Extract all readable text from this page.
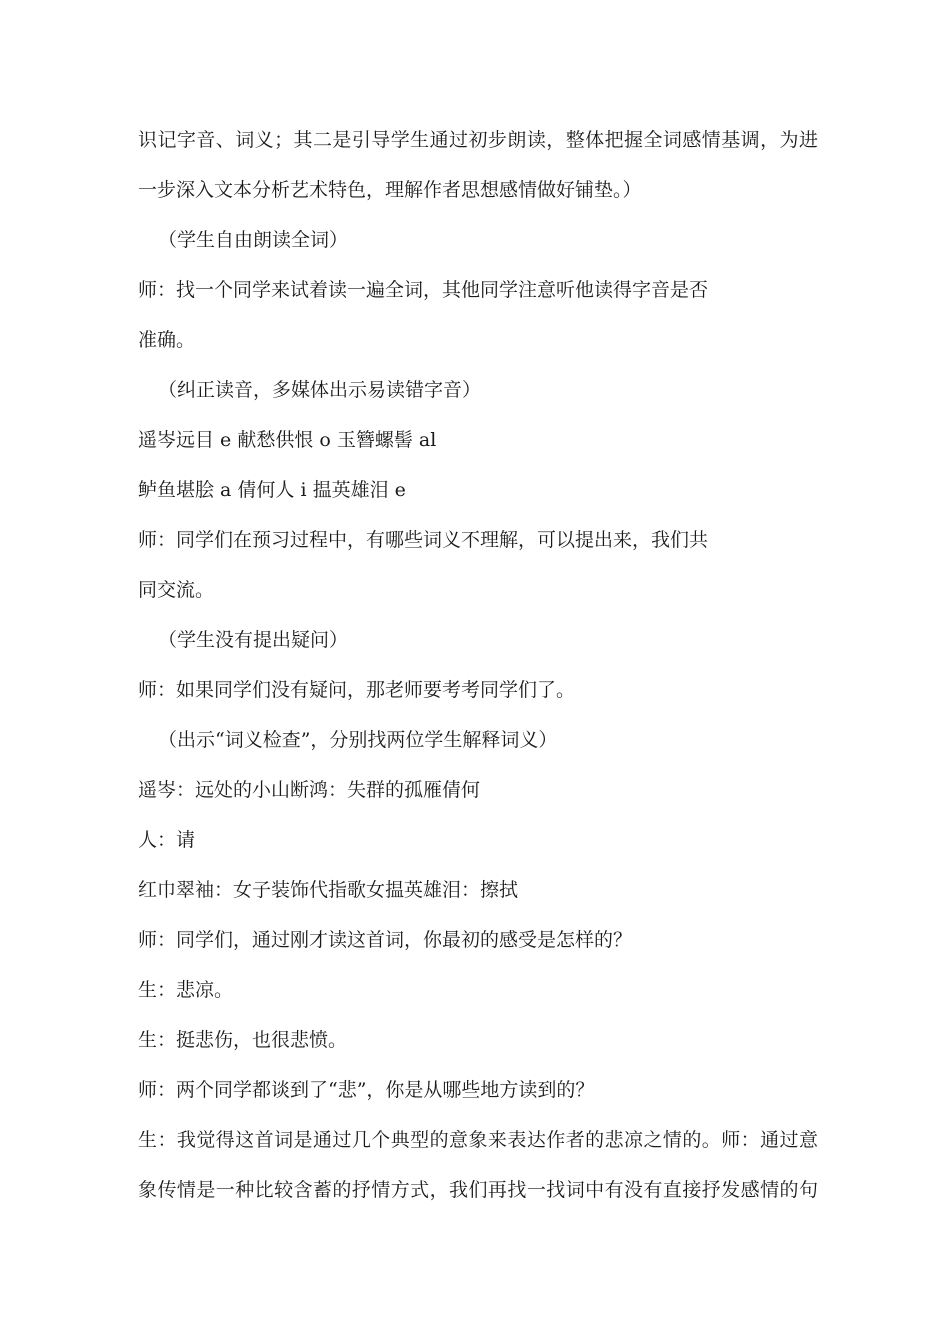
识记字音、词义；其二是引导学生通过初步朗读，整体把握全词感情基调，为进
一步深入文本分析艺术特色，理解作者思想感情做好铺垫。）
（学生自由朗读全词）
师：找一个同学来试着读一遍全词，其他同学注意听他读得字音是否
准确。
（纠正读音，多媒体出示易读错字音）
遥岑远目 e 献愁供恨 o 玉簪螺髻 al
鲈鱼堪脍 a 倩何人 i 揾英雄泪 e
师：同学们在预习过程中，有哪些词义不理解，可以提出来，我们共
同交流。
（学生没有提出疑问）
师：如果同学们没有疑问，那老师要考考同学们了。
（出示“词义检查”，分别找两位学生解释词义）
遥岑：远处的小山断鸿：失群的孤雁倩何
人：请
红巾翠袖：女子装饰代指歌女揾英雄泪：擦拭
师：同学们，通过刚才读这首词，你最初的感受是怎样的？
生：悲凉。
生：挺悲伤，也很悲愤。
师：两个同学都谈到了“悲”，你是从哪些地方读到的？
生：我觉得这首词是通过几个典型的意象来表达作者的悲凉之情的。师：通过意
象传情是一种比较含蓄的抒情方式，我们再找一找词中有没有直接抒发感情的句
